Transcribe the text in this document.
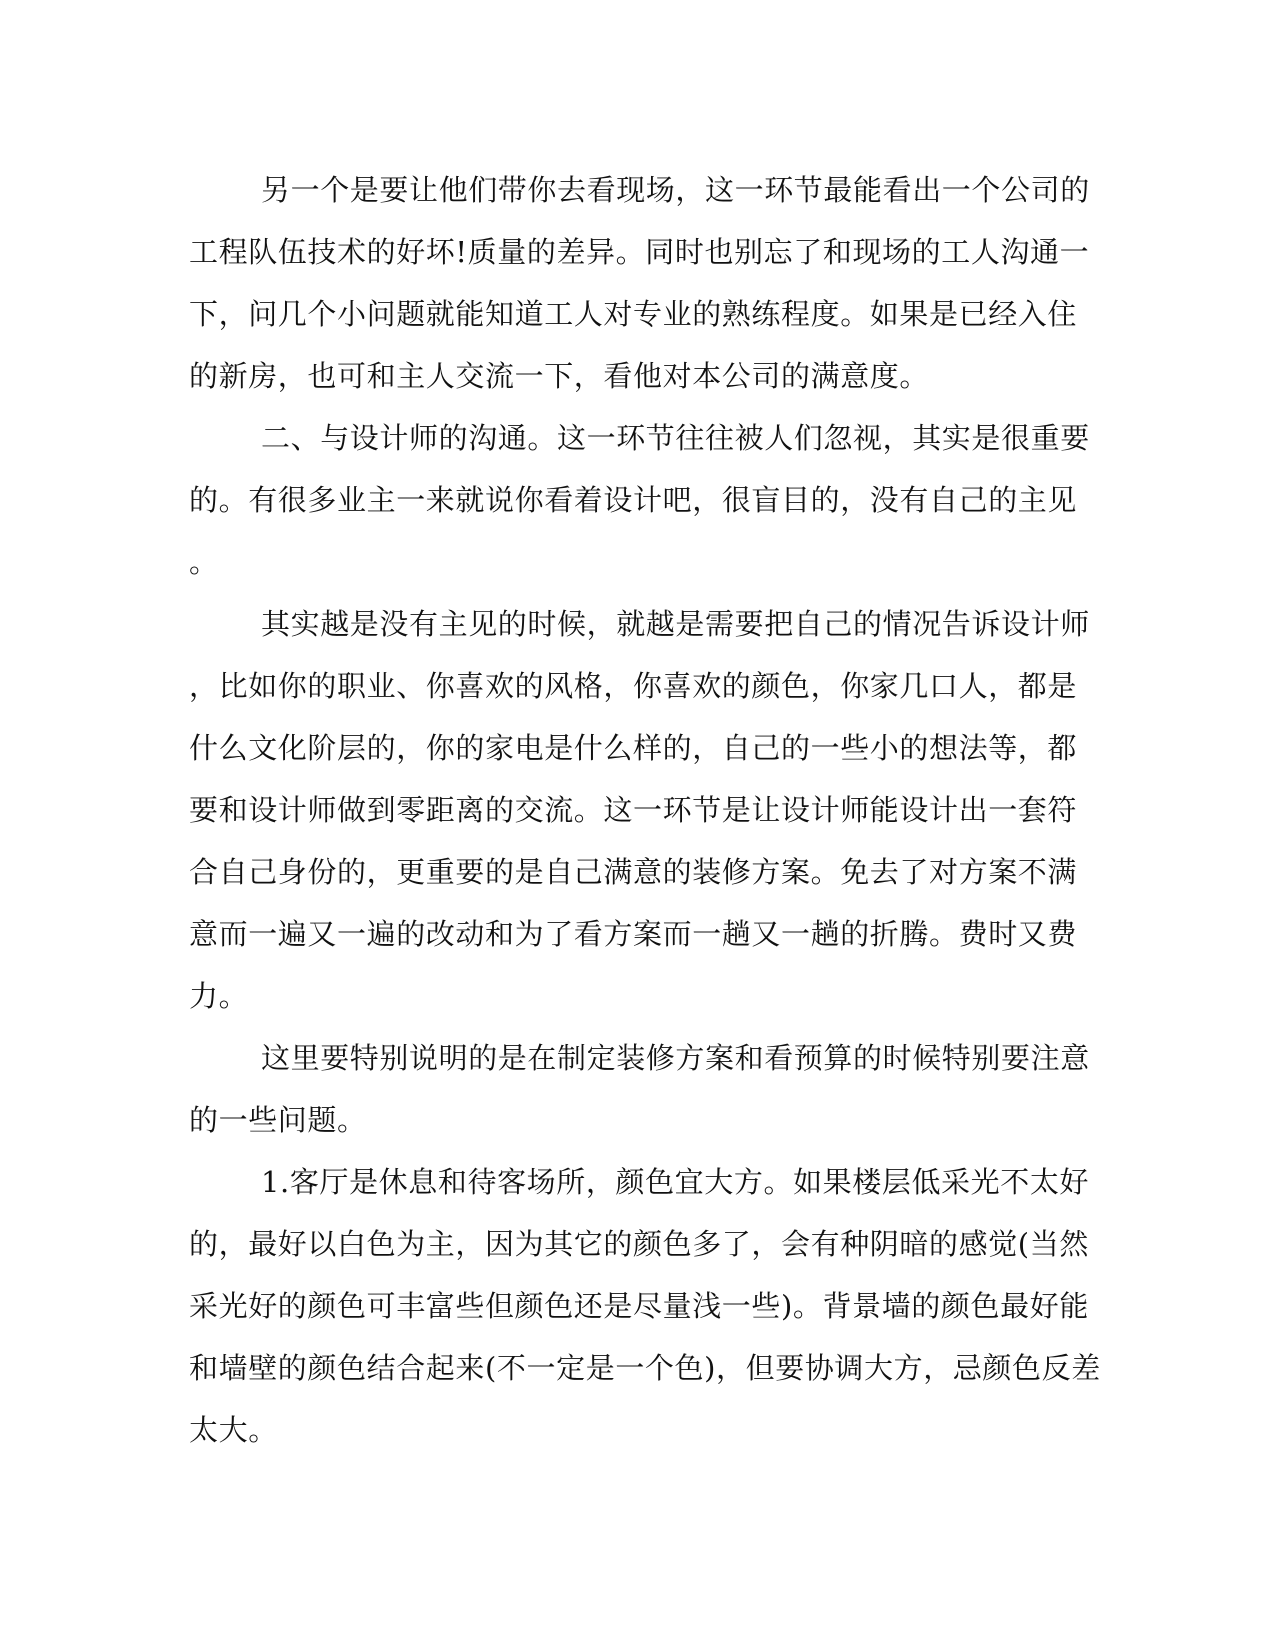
另一个是要让他们带你去看现场，这一环节最能看出一个公司的
工程队伍技术的好坏!质量的差异。同时也别忘了和现场的工人沟通一
下，问几个小问题就能知道工人对专业的熟练程度。如果是已经入住
的新房，也可和主人交流一下，看他对本公司的满意度。
二、与设计师的沟通。这一环节往往被人们忽视，其实是很重要
的。有很多业主一来就说你看着设计吧，很盲目的，没有自己的主见
。
其实越是没有主见的时候，就越是需要把自己的情况告诉设计师
，比如你的职业、你喜欢的风格，你喜欢的颜色，你家几口人，都是
什么文化阶层的，你的家电是什么样的，自己的一些小的想法等，都
要和设计师做到零距离的交流。这一环节是让设计师能设计出一套符
合自己身份的，更重要的是自己满意的装修方案。免去了对方案不满
意而一遍又一遍的改动和为了看方案而一趟又一趟的折腾。费时又费
力。
这里要特别说明的是在制定装修方案和看预算的时候特别要注意
的一些问题。
1.客厅是休息和待客场所，颜色宜大方。如果楼层低采光不太好
的，最好以白色为主，因为其它的颜色多了，会有种阴暗的感觉(当然
采光好的颜色可丰富些但颜色还是尽量浅一些)。背景墙的颜色最好能
和墙壁的颜色结合起来(不一定是一个色)，但要协调大方，忌颜色反差
太大。
